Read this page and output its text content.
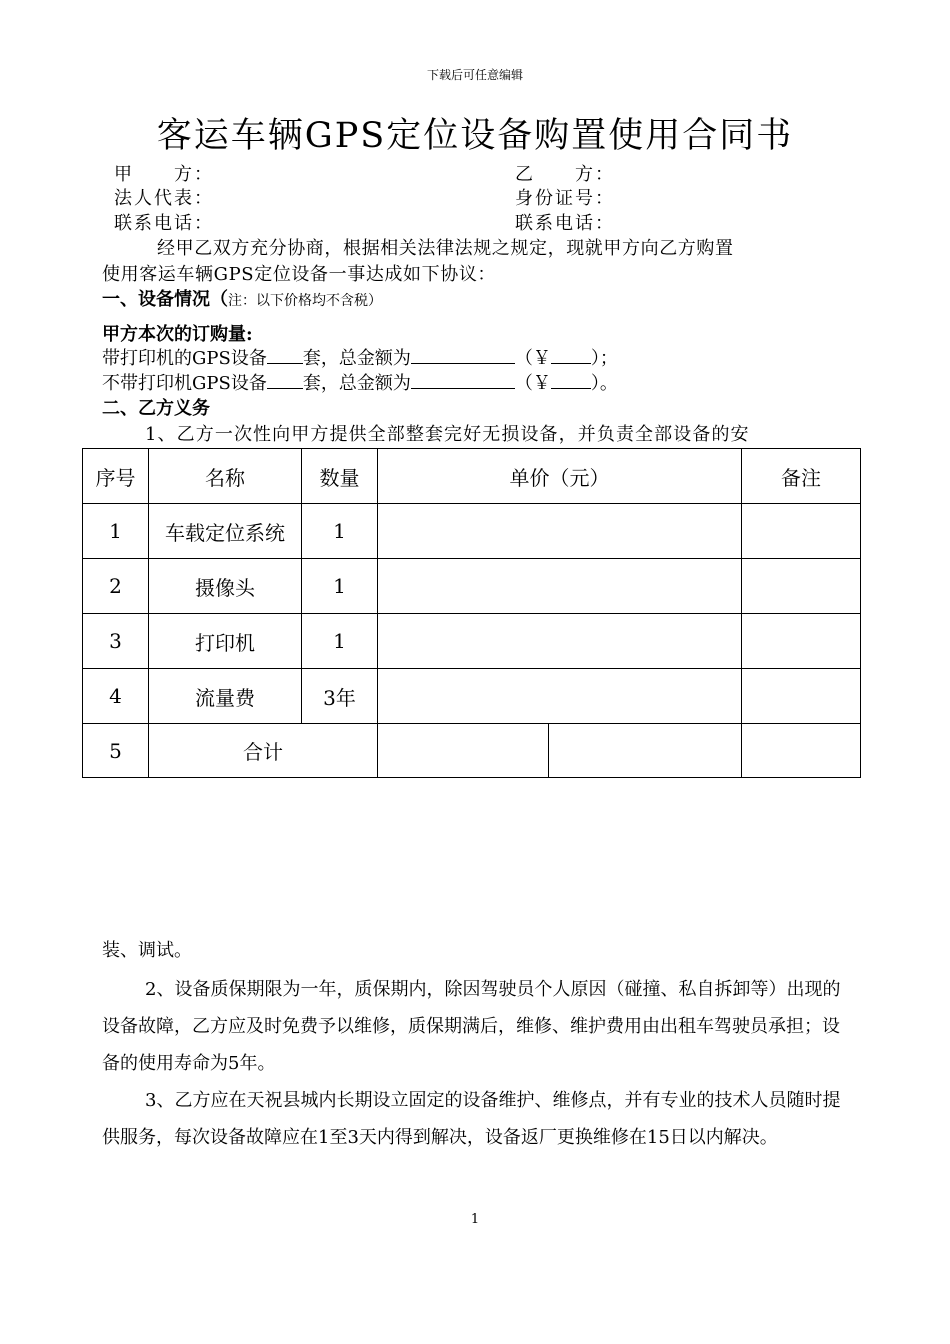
下载后可任意编辑
客运车辆GPS定位设备购置使用合同书
甲　　方：	乙　　方：
法人代表：	身份证号：
联系电话：	联系电话：
经甲乙双方充分协商，根据相关法律法规之规定，现就甲方向乙方购置
使用客运车辆GPS定位设备一事达成如下协议：
一、设备情况（注：以下价格均不含税）
甲方本次的订购量:
带打印机的GPS设备 套，总金额为	（￥ ）；
不带打印机GPS设备 套，总金额为	（￥ ）。
二、乙方义务
1、乙方一次性向甲方提供全部整套完好无损设备，并负责全部设备的安
序号	名称	数量	单价（元）		备注
1	车载定位系统	1			
2	摄像头	1			
3	打印机	1			
4	流量费	3年			
5	合计				
装、调试。
2、设备质保期限为一年，质保期内，除因驾驶员个人原因（碰撞、私自拆卸等）出现的设备故障，乙方应及时免费予以维修，质保期满后，维修、维护费用由出租车驾驶员承担；设备的使用寿命为5年。
3、乙方应在天祝县城内长期设立固定的设备维护、维修点，并有专业的技术人员随时提供服务，每次设备故障应在1至3天内得到解决，设备返厂更换维修在15日以内解决。
1
